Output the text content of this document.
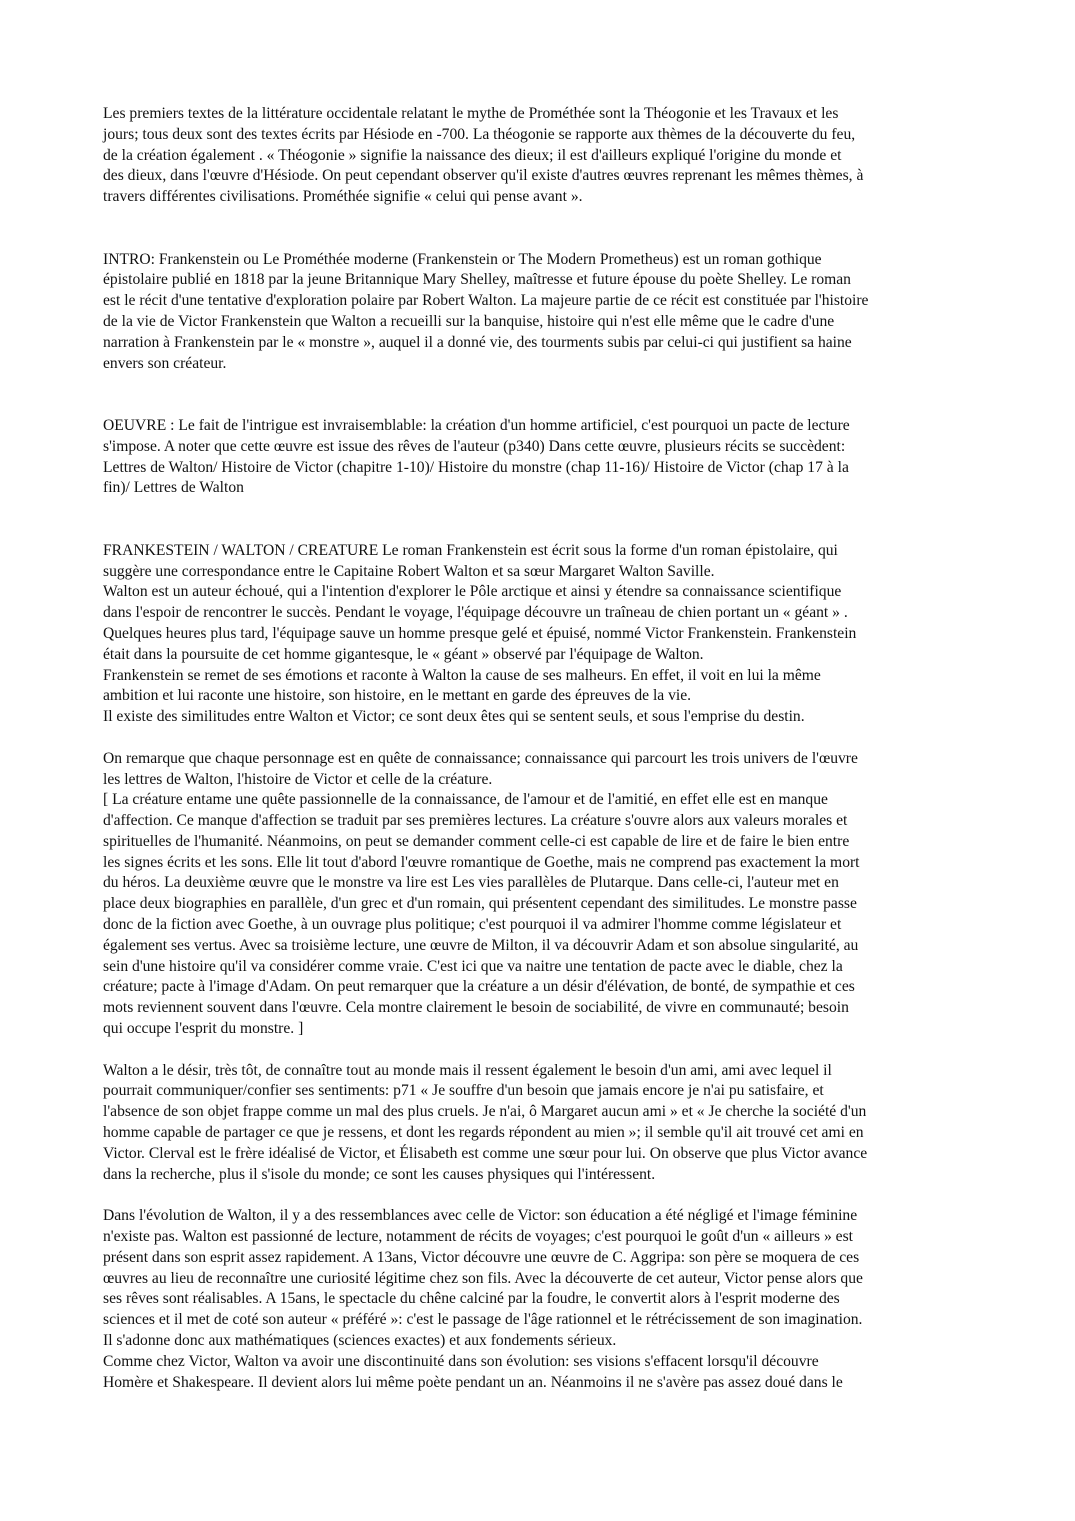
Les premiers textes de la littérature occidentale relatant le mythe de Prométhée sont la Théogonie et les Travaux et les
jours; tous deux sont des textes écrits par Hésiode en -700. La théogonie se rapporte aux thèmes de la découverte du feu,
de la création également . « Théogonie » signifie la naissance des dieux; il est d'ailleurs expliqué l'origine du monde et
des dieux, dans l'œuvre d'Hésiode. On peut cependant observer qu'il existe d'autres œuvres reprenant les mêmes thèmes, à
travers différentes civilisations. Prométhée signifie « celui qui pense avant ».
INTRO: Frankenstein ou Le Prométhée moderne (Frankenstein or The Modern Prometheus) est un roman gothique
épistolaire publié en 1818 par la jeune Britannique Mary Shelley, maîtresse et future épouse du poète Shelley. Le roman
est le récit d'une tentative d'exploration polaire par Robert Walton. La majeure partie de ce récit est constituée par l'histoire
de la vie de Victor Frankenstein que Walton a recueilli sur la banquise, histoire qui n'est elle même que le cadre d'une
narration à Frankenstein par le « monstre », auquel il a donné vie, des tourments subis par celui-ci qui justifient sa haine
envers son créateur.
OEUVRE : Le fait de l'intrigue est invraisemblable: la création d'un homme artificiel, c'est pourquoi un pacte de lecture
s'impose. A noter que cette œuvre est issue des rêves de l'auteur (p340) Dans cette œuvre, plusieurs récits se succèdent:
Lettres de Walton/ Histoire de Victor (chapitre 1-10)/ Histoire du monstre (chap 11-16)/ Histoire de Victor (chap 17 à la
fin)/ Lettres de Walton
FRANKESTEIN / WALTON / CREATURE Le roman Frankenstein est écrit sous la forme d'un roman épistolaire, qui
suggère une correspondance entre le Capitaine Robert Walton et sa sœur Margaret Walton Saville.
Walton est un auteur échoué, qui a l'intention d'explorer le Pôle arctique et ainsi y étendre sa connaissance scientifique
dans l'espoir de rencontrer le succès. Pendant le voyage, l'équipage découvre un traîneau de chien portant un « géant » .
Quelques heures plus tard, l'équipage sauve un homme presque gelé et épuisé, nommé Victor Frankenstein. Frankenstein
était dans la poursuite de cet homme gigantesque, le « géant » observé par l'équipage de Walton.
Frankenstein se remet de ses émotions et raconte à Walton la cause de ses malheurs. En effet, il voit en lui la même
ambition et lui raconte une histoire, son histoire, en le mettant en garde des épreuves de la vie.
Il existe des similitudes entre Walton et Victor; ce sont deux êtes qui se sentent seuls, et sous l'emprise du destin.
On remarque que chaque personnage est en quête de connaissance; connaissance qui parcourt les trois univers de l'œuvre
les lettres de Walton, l'histoire de Victor et celle de la créature.
[ La créature entame une quête passionnelle de la connaissance, de l'amour et de l'amitié, en effet elle est en manque
d'affection. Ce manque d'affection se traduit par ses premières lectures. La créature s'ouvre alors aux valeurs morales et
spirituelles de l'humanité. Néanmoins, on peut se demander comment celle-ci est capable de lire et de faire le bien entre
les signes écrits et les sons. Elle lit tout d'abord l'œuvre romantique de Goethe, mais ne comprend pas exactement la mort
du héros. La deuxième œuvre que le monstre va lire est Les vies parallèles de Plutarque. Dans celle-ci, l'auteur met en
place deux biographies en parallèle, d'un grec et d'un romain, qui présentent cependant des similitudes. Le monstre passe
donc de la fiction avec Goethe, à un ouvrage plus politique; c'est pourquoi il va admirer l'homme comme législateur et
également ses vertus. Avec sa troisième lecture, une œuvre de Milton, il va découvrir Adam et son absolue singularité, au
sein d'une histoire qu'il va considérer comme vraie. C'est ici que va naitre une tentation de pacte avec le diable, chez la
créature; pacte à l'image d'Adam. On peut remarquer que la créature a un désir d'élévation, de bonté, de sympathie et ces
mots reviennent souvent dans l'œuvre. Cela montre clairement le besoin de sociabilité, de vivre en communauté; besoin
qui occupe l'esprit du monstre. ]
Walton a le désir, très tôt, de connaître tout au monde mais il ressent également le besoin d'un ami, ami avec lequel il
pourrait communiquer/confier ses sentiments: p71 « Je souffre d'un besoin que jamais encore je n'ai pu satisfaire, et
l'absence de son objet frappe comme un mal des plus cruels. Je n'ai, ô Margaret aucun ami » et « Je cherche la société d'un
homme capable de partager ce que je ressens, et dont les regards répondent au mien »; il semble qu'il ait trouvé cet ami en
Victor. Clerval est le frère idéalisé de Victor, et Élisabeth est comme une sœur pour lui. On observe que plus Victor avance
dans la recherche, plus il s'isole du monde; ce sont les causes physiques qui l'intéressent.
Dans l'évolution de Walton, il y a des ressemblances avec celle de Victor: son éducation a été négligé et l'image féminine
n'existe pas. Walton est passionné de lecture, notamment de récits de voyages; c'est pourquoi le goût d'un « ailleurs » est
présent dans son esprit assez rapidement. A 13ans, Victor découvre une œuvre de C. Aggripa: son père se moquera de ces
œuvres au lieu de reconnaître une curiosité légitime chez son fils. Avec la découverte de cet auteur, Victor pense alors que
ses rêves sont réalisables. A 15ans, le spectacle du chêne calciné par la foudre, le convertit alors à l'esprit moderne des
sciences et il met de coté son auteur « préféré »: c'est le passage de l'âge rationnel et le rétrécissement de son imagination.
Il s'adonne donc aux mathématiques (sciences exactes) et aux fondements sérieux.
Comme chez Victor, Walton va avoir une discontinuité dans son évolution: ses visions s'effacent lorsqu'il découvre
Homère et Shakespeare. Il devient alors lui même poète pendant un an. Néanmoins il ne s'avère pas assez doué dans le
